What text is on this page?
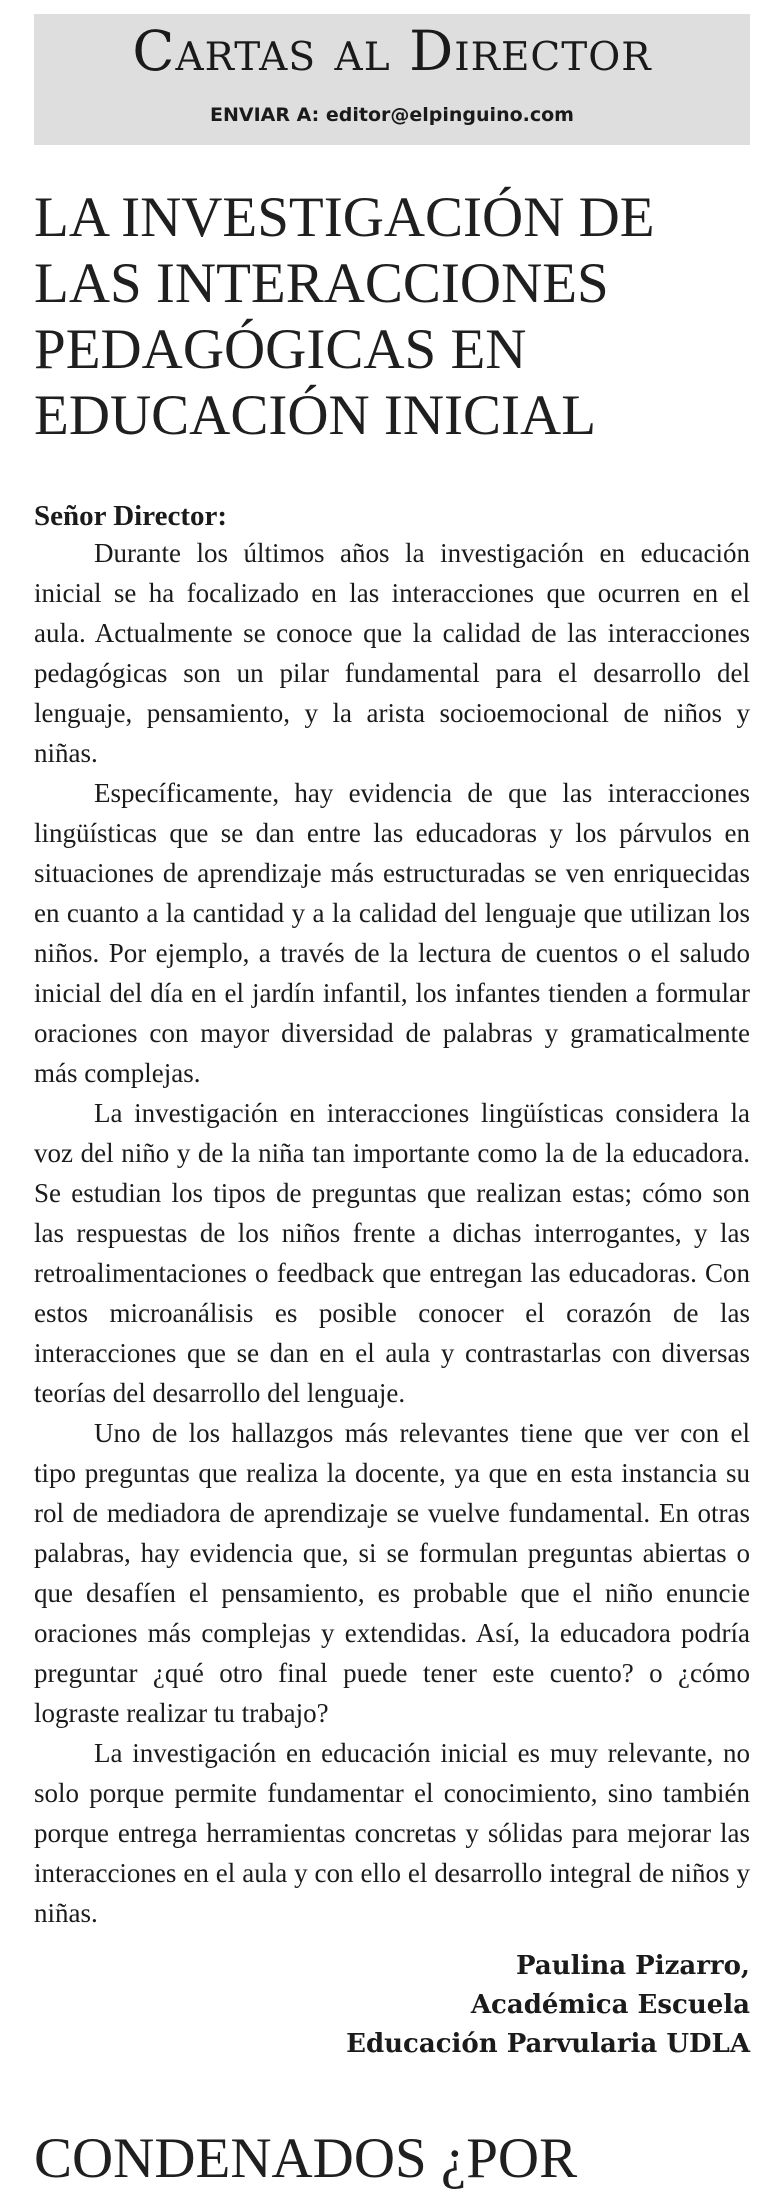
Cartas al Director
ENVIAR A: editor@elpinguino.com
LA INVESTIGACIÓN DE LAS INTERACCIONES PEDAGÓGICAS EN EDUCACIÓN INICIAL
Señor Director:

Durante los últimos años la investigación en educación inicial se ha focalizado en las interacciones que ocurren en el aula. Actualmente se conoce que la calidad de las interacciones pedagógicas son un pilar fundamental para el desarrollo del lenguaje, pensamiento, y la arista socioemocional de niños y niñas.

Específicamente, hay evidencia de que las interacciones lingüísticas que se dan entre las educadoras y los párvulos en situaciones de aprendizaje más estructuradas se ven enriquecidas en cuanto a la cantidad y a la calidad del lenguaje que utilizan los niños. Por ejemplo, a través de la lectura de cuentos o el saludo inicial del día en el jardín infantil, los infantes tienden a formular oraciones con mayor diversidad de palabras y gramaticalmente más complejas.

La investigación en interacciones lingüísticas considera la voz del niño y de la niña tan importante como la de la educadora. Se estudian los tipos de preguntas que realizan estas; cómo son las respuestas de los niños frente a dichas interrogantes, y las retroalimentaciones o feedback que entregan las educadoras. Con estos microanálisis es posible conocer el corazón de las interacciones que se dan en el aula y contrastarlas con diversas teorías del desarrollo del lenguaje.

Uno de los hallazgos más relevantes tiene que ver con el tipo preguntas que realiza la docente, ya que en esta instancia su rol de mediadora de aprendizaje se vuelve fundamental. En otras palabras, hay evidencia que, si se formulan preguntas abiertas o que desafíen el pensamiento, es probable que el niño enuncie oraciones más complejas y extendidas. Así, la educadora podría preguntar ¿qué otro final puede tener este cuento? o ¿cómo lograste realizar tu trabajo?

La investigación en educación inicial es muy relevante, no solo porque permite fundamentar el conocimiento, sino también porque entrega herramientas concretas y sólidas para mejorar las interacciones en el aula y con ello el desarrollo integral de niños y niñas.

Paulina Pizarro,
Académica Escuela
Educación Parvularia UDLA
CONDENADOS ¿POR
